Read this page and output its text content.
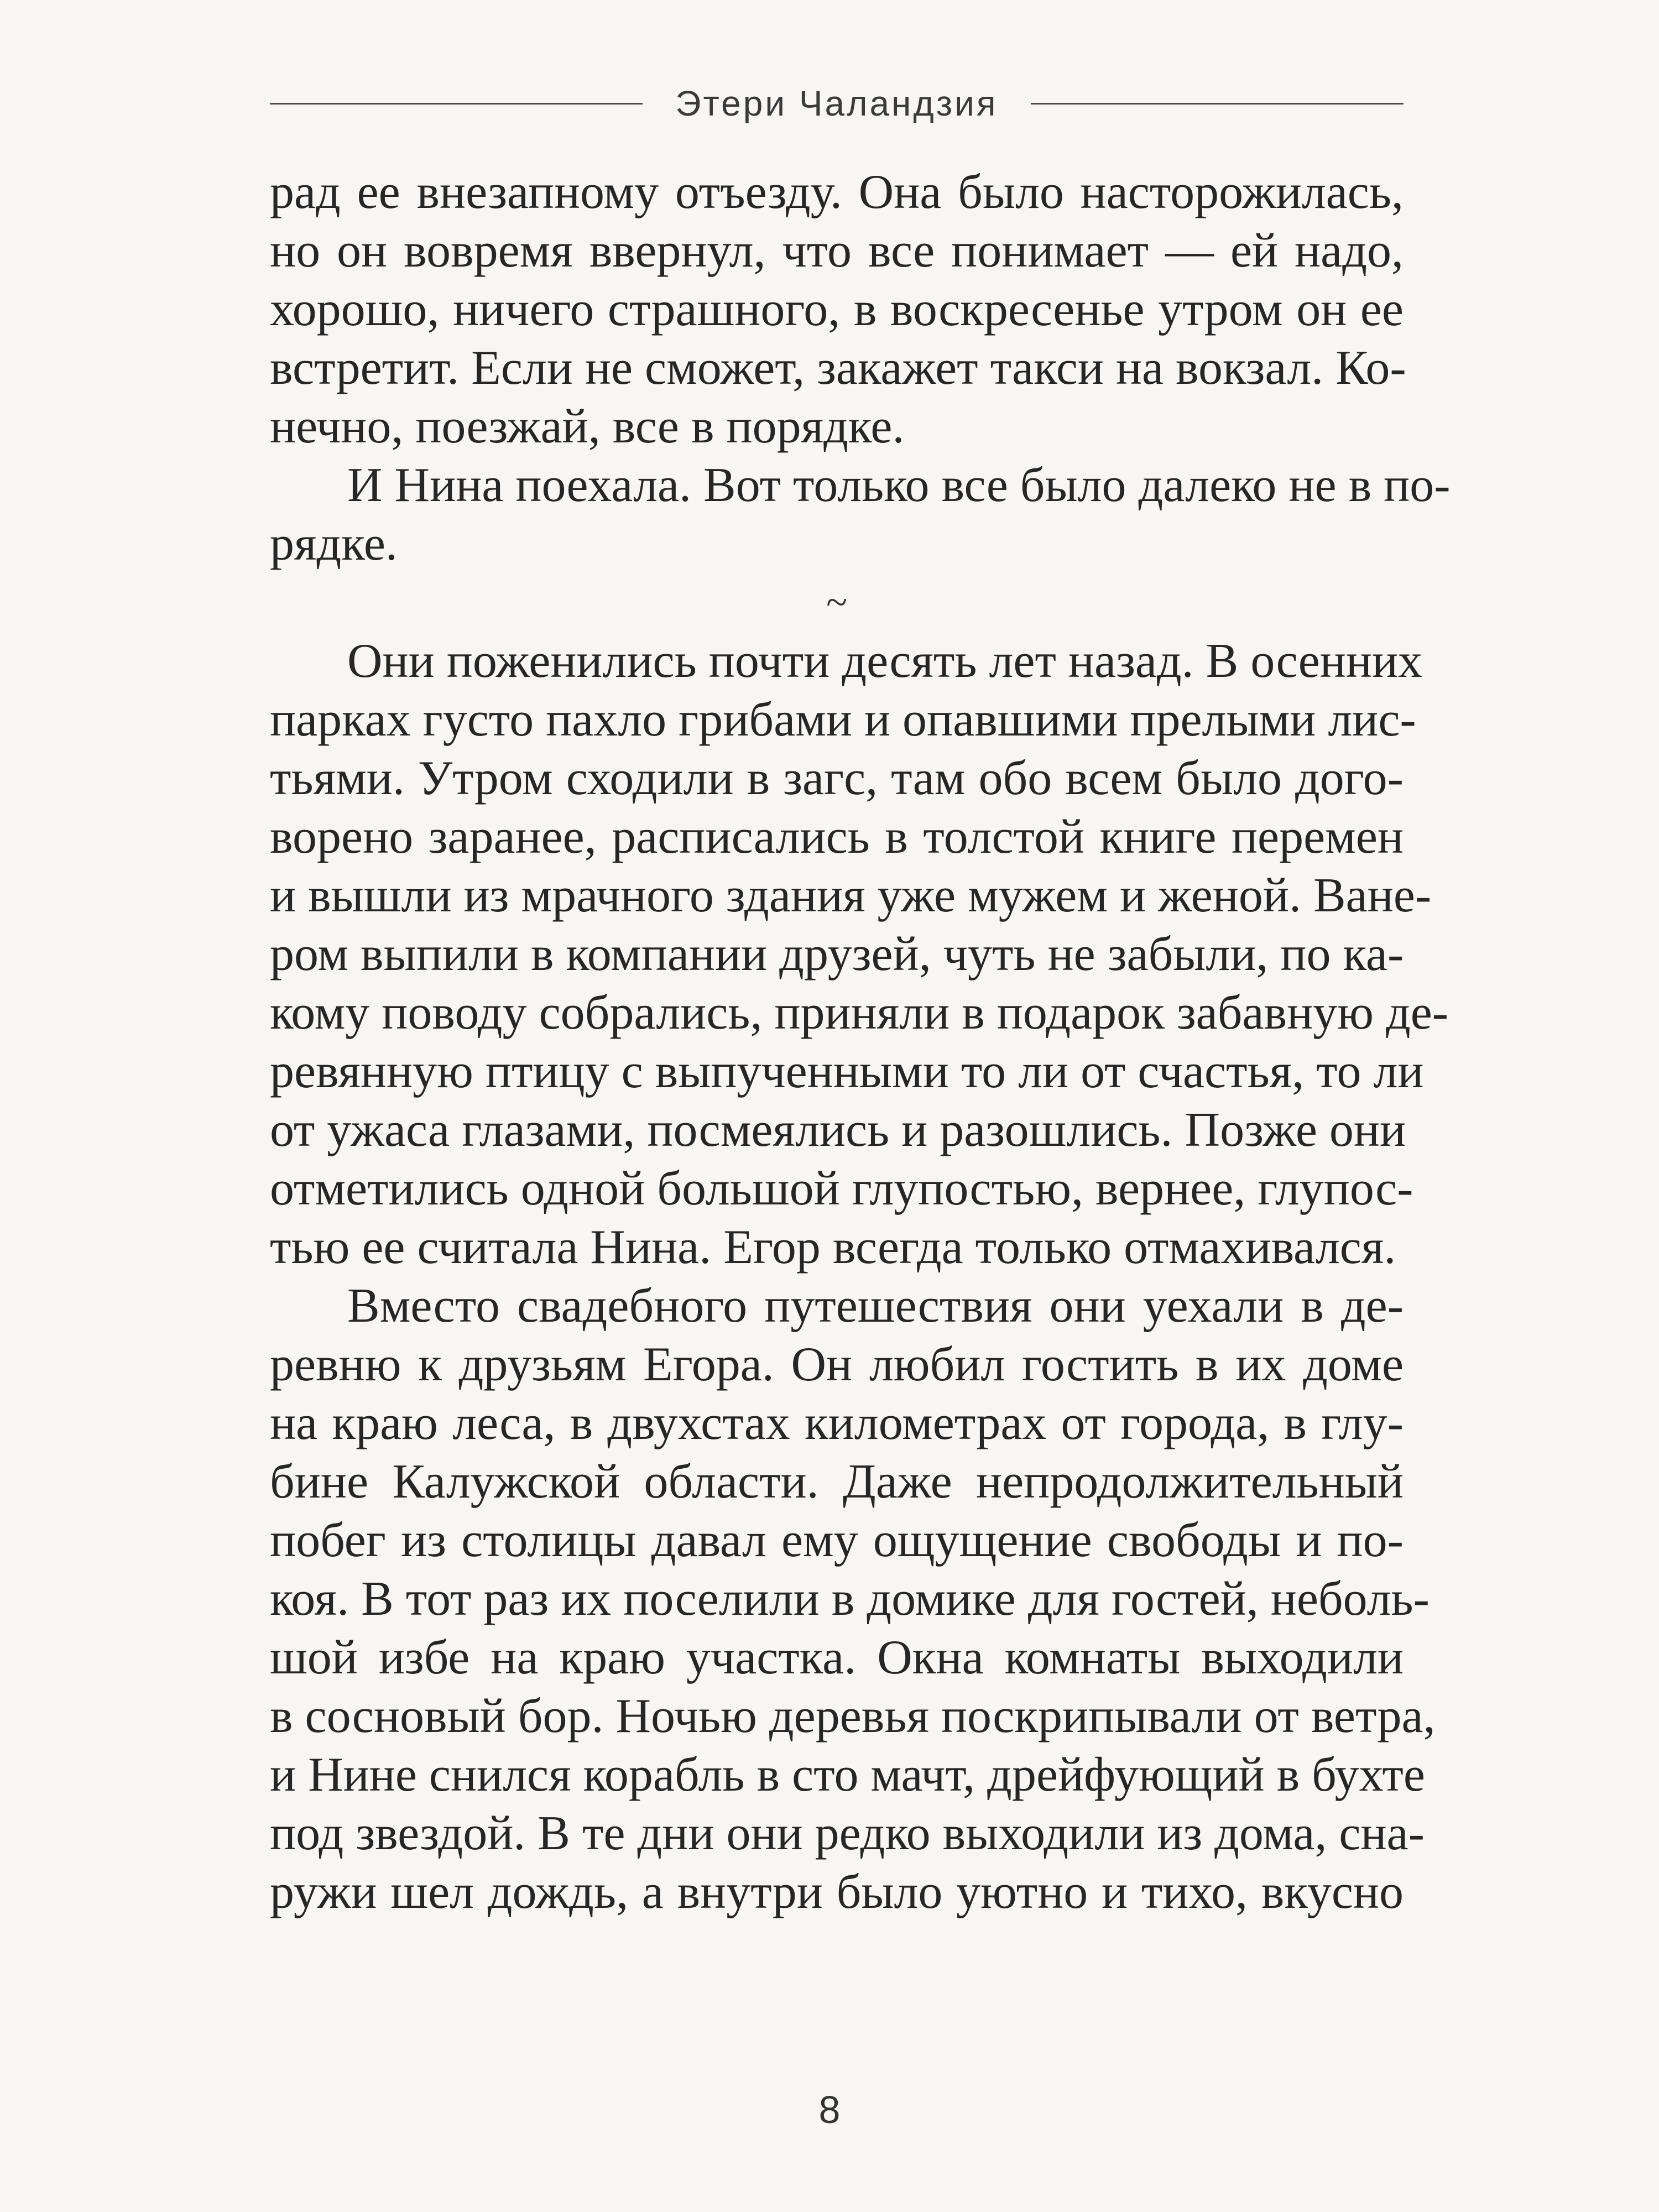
Этери Чаландзия
рад ее внезапному отъезду. Она было насторожилась,
но он вовремя ввернул, что все понимает — ей надо,
хорошо, ничего страшного, в воскресенье утром он ее
встретит. Если не сможет, закажет такси на вокзал. Ко-
нечно, поезжай, все в порядке.
И Нина поехала. Вот только все было далеко не в по-
рядке.
~
Они поженились почти десять лет назад. В осенних
парках густо пахло грибами и опавшими прелыми лис-
тьями. Утром сходили в загс, там обо всем было дого-
ворено заранее, расписались в толстой книге перемен
и вышли из мрачного здания уже мужем и женой. Ване-
ром выпили в компании друзей, чуть не забыли, по ка-
кому поводу собрались, приняли в подарок забавную де-
ревянную птицу с выпученными то ли от счастья, то ли
от ужаса глазами, посмеялись и разошлись. Позже они
отметились одной большой глупостью, вернее, глупос-
тью ее считала Нина. Егор всегда только отмахивался.
Вместо свадебного путешествия они уехали в де-
ревню к друзьям Егора. Он любил гостить в их доме
на краю леса, в двухстах километрах от города, в глу-
бине Калужской области. Даже непродолжительный
побег из столицы давал ему ощущение свободы и по-
коя. В тот раз их поселили в домике для гостей, неболь-
шой избе на краю участка. Окна комнаты выходили
в сосновый бор. Ночью деревья поскрипывали от ветра,
и Нине снился корабль в сто мачт, дрейфующий в бухте
под звездой. В те дни они редко выходили из дома, сна-
ружи шел дождь, а внутри было уютно и тихо, вкусно
8
